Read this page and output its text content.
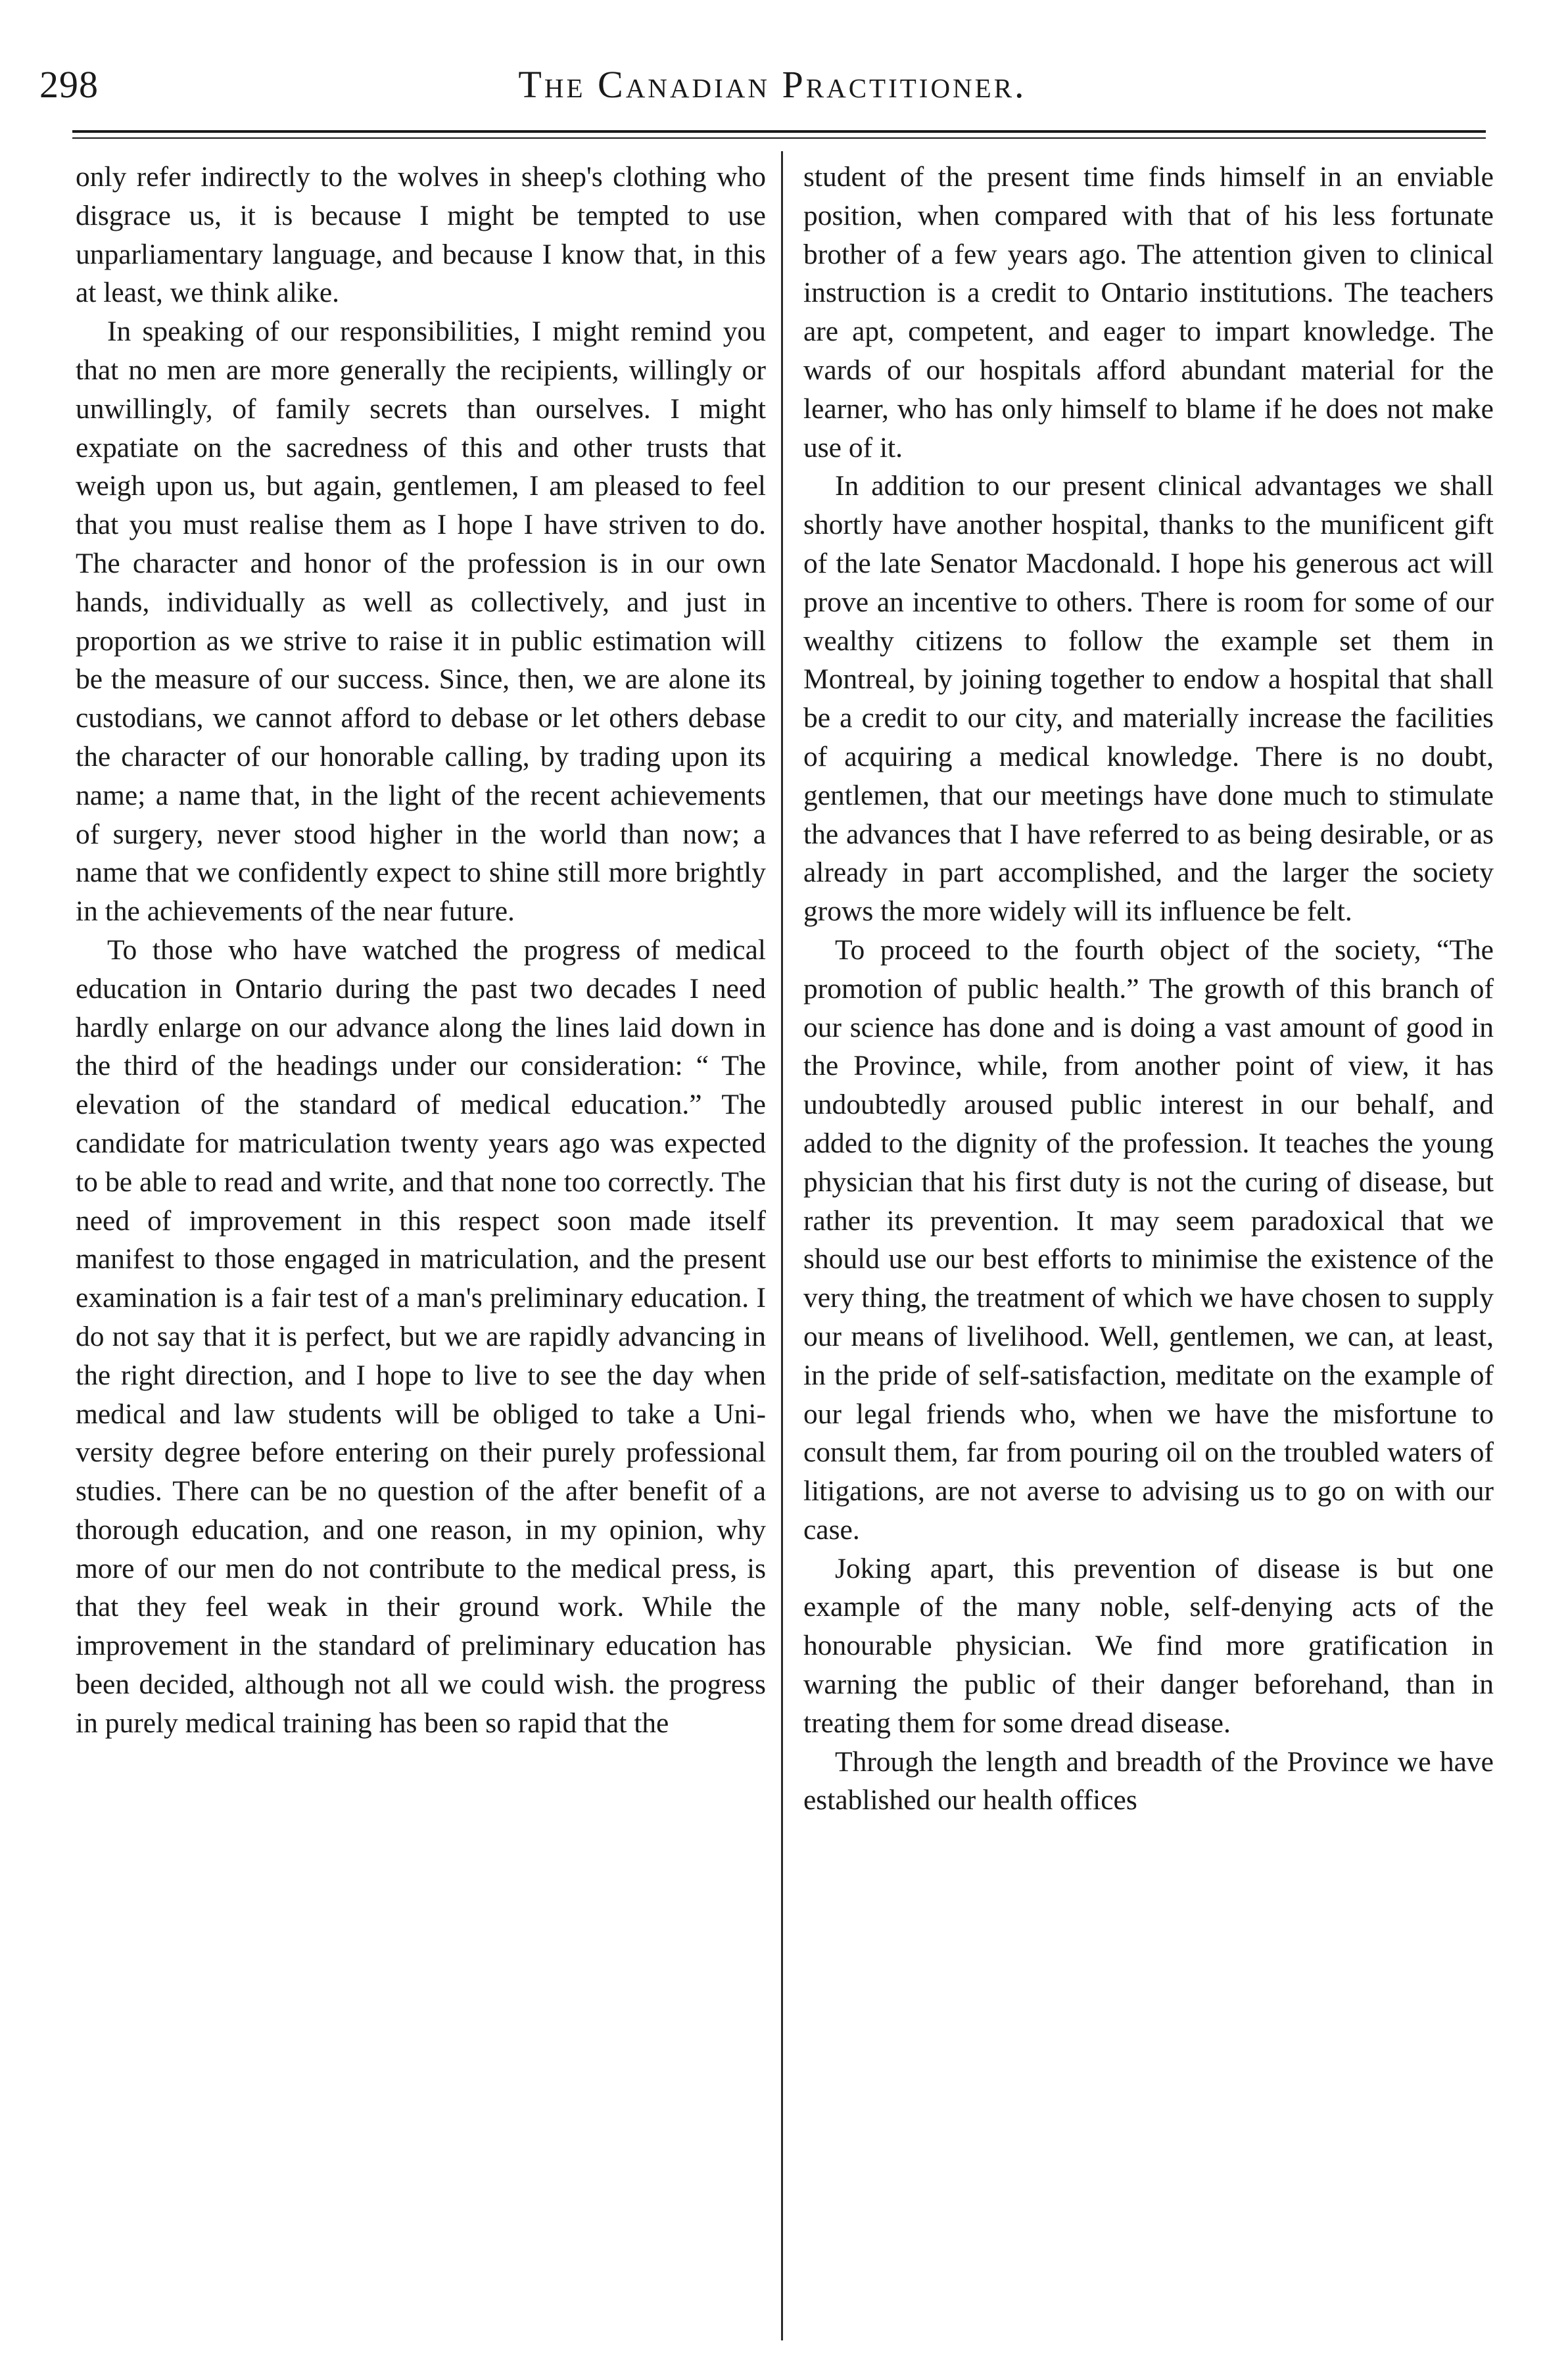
298	The Canadian Practitioner.

only refer indirectly to the wolves in sheep's clothing who disgrace us, it is because I might be tempted to use unparliamentary language, and because I know that, in this at least, we think alike.

In speaking of our responsibilities, I might remind you that no men are more generally the recipients, willingly or unwillingly, of family secrets than ourselves. I might expatiate on the sacredness of this and other trusts that weigh upon us, but again, gentlemen, I am pleased to feel that you must realise them as I hope I have striven to do. The character and honor of the profession is in our own hands, individually as well as collectively, and just in proportion as we strive to raise it in public estimation will be the measure of our success. Since, then, we are alone its custodians, we cannot afford to debase or let others debase the character of our honorable calling, by trading upon its name; a name that, in the light of the recent achievements of surgery, never stood higher in the world than now; a name that we confidently expect to shine still more brightly in the achievements of the near future.

To those who have watched the progress of medical education in Ontario during the past two decades I need hardly enlarge on our advance along the lines laid down in the third of the headings under our consideration: “ The elevation of the standard of medical education.” The candidate for matriculation twenty years ago was expected to be able to read and write, and that none too correctly. The need of improvement in this respect soon made itself manifest to those engaged in matriculation, and the present examination is a fair test of a man's preliminary education. I do not say that it is perfect, but we are rapidly advancing in the right direction, and I hope to live to see the day when medical and law students will be obliged to take a University degree before entering on their purely professional studies. There can be no question of the after benefit of a thorough education, and one reason, in my opinion, why more of our men do not contribute to the medical press, is that they feel weak in their ground work. While the improvement in the standard of preliminary education has been decided, although not all we could wish. the progress in purely medical training has been so rapid that the

student of the present time finds himself in an enviable position, when compared with that of his less fortunate brother of a few years ago. The attention given to clinical instruction is a credit to Ontario institutions. The teachers are apt, competent, and eager to impart knowledge. The wards of our hospitals afford abundant material for the learner, who has only himself to blame if he does not make use of it.

In addition to our present clinical advantages we shall shortly have another hospital, thanks to the munificent gift of the late Senator Macdonald. I hope his generous act will prove an incentive to others. There is room for some of our wealthy citizens to follow the example set them in Montreal, by joining together to endow a hospital that shall be a credit to our city, and materially increase the facilities of acquiring a medical knowledge. There is no doubt, gentlemen, that our meetings have done much to stimulate the advances that I have referred to as being desirable, or as already in part accomplished, and the larger the society grows the more widely will its influence be felt.

To proceed to the fourth object of the society, “The promotion of public health.” The growth of this branch of our science has done and is doing a vast amount of good in the Province, while, from another point of view, it has undoubtedly aroused public interest in our behalf, and added to the dignity of the profession. It teaches the young physician that his first duty is not the curing of disease, but rather its prevention. It may seem paradoxical that we should use our best efforts to minimise the existence of the very thing, the treatment of which we have chosen to supply our means of livelihood. Well, gentlemen, we can, at least, in the pride of self-satisfaction, meditate on the example of our legal friends who, when we have the misfortune to consult them, far from pouring oil on the troubled waters of litigations, are not averse to advising us to go on with our case.

Joking apart, this prevention of disease is but one example of the many noble, self-denying acts of the honourable physician. We find more gratification in warning the public of their danger beforehand, than in treating them for some dread disease.

Through the length and breadth of the Province we have established our health offices
